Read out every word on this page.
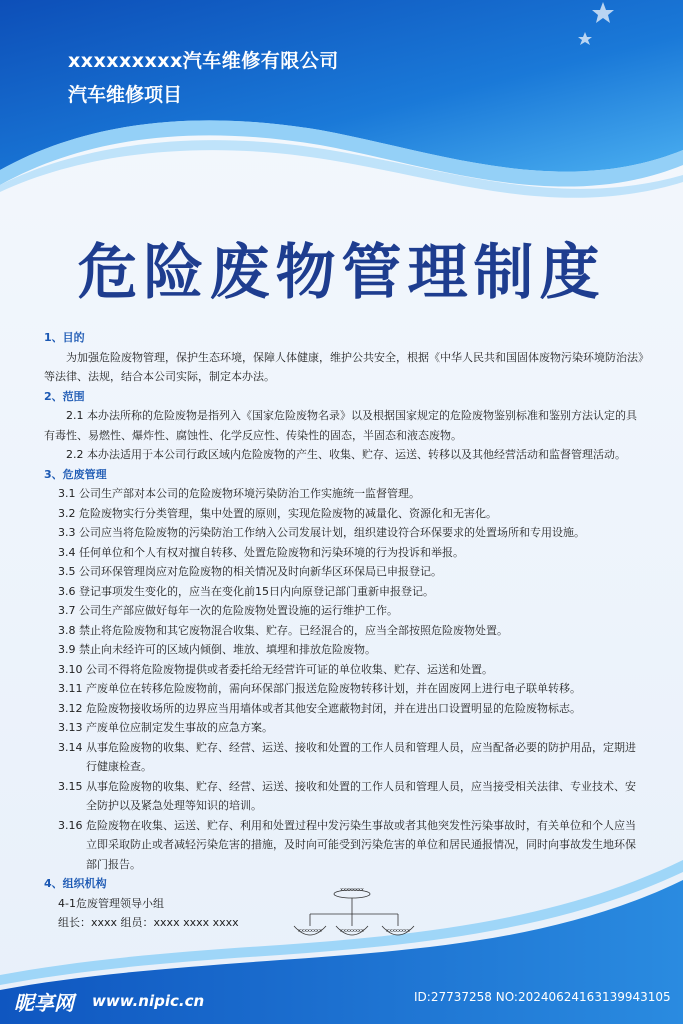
xxxxxxxxx汽车维修有限公司
汽车维修项目
危险废物管理制度
1、目的
为加强危险废物管理，保护生态环境，保障人体健康，维护公共安全，根据《中华人民共和国固体废物污染环境防治法》等法律、法规，结合本公司实际，制定本办法。
2、范围
2.1 本办法所称的危险废物是指列入《国家危险废物名录》以及根据国家规定的危险废物鉴别标准和鉴别方法认定的具有毒性、易燃性、爆炸性、腐蚀性、化学反应性、传染性的固态，半固态和液态废物。
2.2 本办法适用于本公司行政区域内危险废物的产生、收集、贮存、运送、转移以及其他经营活动和监督管理活动。
3、危废管理
3.1 公司生产部对本公司的危险废物环境污染防治工作实施统一监督管理。
3.2 危险废物实行分类管理，集中处置的原则，实现危险废物的减量化、资源化和无害化。
3.3 公司应当将危险废物的污染防治工作纳入公司发展计划，组织建设符合环保要求的处置场所和专用设施。
3.4 任何单位和个人有权对擅自转移、处置危险废物和污染环境的行为投诉和举报。
3.5 公司环保管理岗应对危险废物的相关情况及时向新华区环保局已申报登记。
3.6 登记事项发生变化的，应当在变化前15日内向原登记部门重新申报登记。
3.7 公司生产部应做好每年一次的危险废物处置设施的运行维护工作。
3.8 禁止将危险废物和其它废物混合收集、贮存。已经混合的，应当全部按照危险废物处置。
3.9 禁止向未经许可的区域内倾倒、堆放、填埋和排放危险废物。
3.10 公司不得将危险废物提供或者委托给无经营许可证的单位收集、贮存、运送和处置。
3.11 产废单位在转移危险废物前，需向环保部门报送危险废物转移计划，并在固废网上进行电子联单转移。
3.12 危险废物接收场所的边界应当用墙体或者其他安全遮蔽物封闭，并在进出口设置明显的危险废物标志。
3.13 产废单位应制定发生事故的应急方案。
3.14 从事危险废物的收集、贮存、经营、运送、接收和处置的工作人员和管理人员，应当配备必要的防护用品，定期进行健康检查。
3.15 从事危险废物的收集、贮存、经营、运送、接收和处置的工作人员和管理人员，应当接受相关法律、专业技术、安全防护以及紧急处理等知识的培训。
3.16 危险废物在收集、运送、贮存、利用和处置过程中发污染生事故或者其他突发性污染事故时，有关单位和个人应当立即采取防止或者减轻污染危害的措施，及时向可能受到污染危害的单位和居民通报情况，同时向事故发生地环保部门报告。
4、组织机构
4-1危废管理领导小组
组长：xxxx 组员：xxxx xxxx xxxx
xxxxxxxx
xxxxxxxx	xxxxxxxx	xxxxxxxx
昵享网 www.nipic.cn	ID:27737258 NO:20240624163139943105
